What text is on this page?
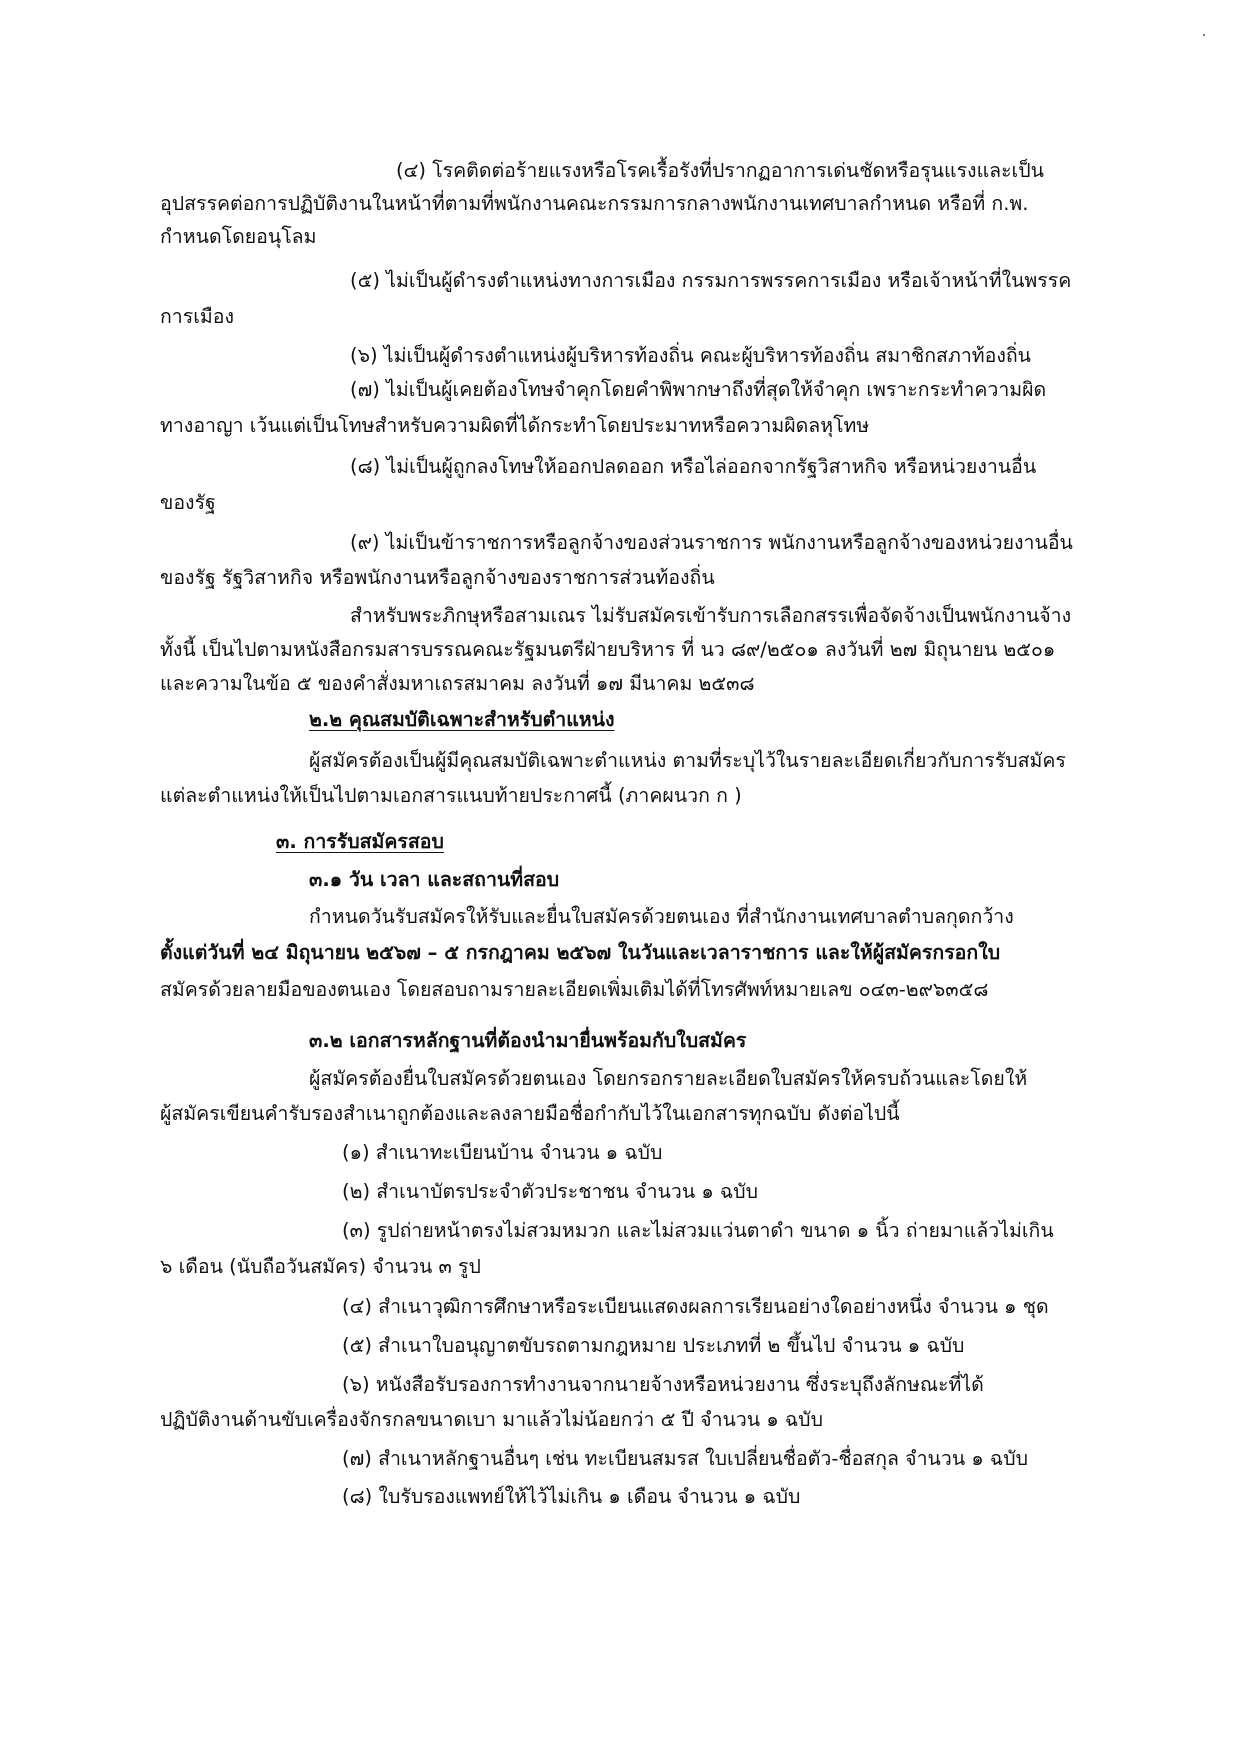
(๔) โรคติดต่อร้ายแรงหรือโรคเรื้อรังที่ปรากฏอาการเด่นชัดหรือรุนแรงและเป็น
อุปสรรคต่อการปฏิบัติงานในหน้าที่ตามที่พนักงานคณะกรรมการกลางพนักงานเทศบาลกำหนด หรือที่ ก.พ.
กำหนดโดยอนุโลม
(๕) ไม่เป็นผู้ดำรงตำแหน่งทางการเมือง กรรมการพรรคการเมือง หรือเจ้าหน้าที่ในพรรค
การเมือง
(๖) ไม่เป็นผู้ดำรงตำแหน่งผู้บริหารท้องถิ่น คณะผู้บริหารท้องถิ่น สมาชิกสภาท้องถิ่น
(๗) ไม่เป็นผู้เคยต้องโทษจำคุกโดยคำพิพากษาถึงที่สุดให้จำคุก เพราะกระทำความผิด
ทางอาญา เว้นแต่เป็นโทษสำหรับความผิดที่ได้กระทำโดยประมาทหรือความผิดลหุโทษ
(๘) ไม่เป็นผู้ถูกลงโทษให้ออกปลดออก หรือไล่ออกจากรัฐวิสาหกิจ หรือหน่วยงานอื่น
ของรัฐ
(๙) ไม่เป็นข้าราชการหรือลูกจ้างของส่วนราชการ พนักงานหรือลูกจ้างของหน่วยงานอื่น
ของรัฐ รัฐวิสาหกิจ หรือพนักงานหรือลูกจ้างของราชการส่วนท้องถิ่น
สำหรับพระภิกษุหรือสามเณร ไม่รับสมัครเข้ารับการเลือกสรรเพื่อจัดจ้างเป็นพนักงานจ้าง
ทั้งนี้ เป็นไปตามหนังสือกรมสารบรรณคณะรัฐมนตรีฝ่ายบริหาร ที่ นว ๘๙/๒๕๐๑ ลงวันที่ ๒๗ มิถุนายน ๒๕๐๑
และความในข้อ ๕ ของคำสั่งมหาเถรสมาคม ลงวันที่ ๑๗ มีนาคม ๒๕๓๘
๒.๒ คุณสมบัติเฉพาะสำหรับตำแหน่ง
ผู้สมัครต้องเป็นผู้มีคุณสมบัติเฉพาะตำแหน่ง ตามที่ระบุไว้ในรายละเอียดเกี่ยวกับการรับสมัคร
แต่ละตำแหน่งให้เป็นไปตามเอกสารแนบท้ายประกาศนี้ (ภาคผนวก ก )
๓. การรับสมัครสอบ
๓.๑ วัน เวลา และสถานที่สอบ
กำหนดวันรับสมัครให้รับและยื่นใบสมัครด้วยตนเอง ที่สำนักงานเทศบาลตำบลกุดกว้าง
ตั้งแต่วันที่ ๒๔ มิถุนายน ๒๕๖๗ – ๕ กรกฎาคม ๒๕๖๗ ในวันและเวลาราชการ และให้ผู้สมัครกรอกใบ
สมัครด้วยลายมือของตนเอง โดยสอบถามรายละเอียดเพิ่มเติมได้ที่โทรศัพท์หมายเลข ๐๔๓-๒๙๖๓๕๘
๓.๒ เอกสารหลักฐานที่ต้องนำมายื่นพร้อมกับใบสมัคร
ผู้สมัครต้องยื่นใบสมัครด้วยตนเอง โดยกรอกรายละเอียดใบสมัครให้ครบถ้วนและโดยให้
ผู้สมัครเขียนคำรับรองสำเนาถูกต้องและลงลายมือชื่อกำกับไว้ในเอกสารทุกฉบับ ดังต่อไปนี้
(๑) สำเนาทะเบียนบ้าน จำนวน ๑ ฉบับ
(๒) สำเนาบัตรประจำตัวประชาชน จำนวน ๑ ฉบับ
(๓) รูปถ่ายหน้าตรงไม่สวมหมวก และไม่สวมแว่นตาดำ ขนาด ๑ นิ้ว ถ่ายมาแล้วไม่เกิน
๖ เดือน (นับถือวันสมัคร) จำนวน ๓ รูป
(๔) สำเนาวุฒิการศึกษาหรือระเบียนแสดงผลการเรียนอย่างใดอย่างหนึ่ง จำนวน ๑ ชุด
(๕) สำเนาใบอนุญาตขับรถตามกฎหมาย ประเภทที่ ๒ ขึ้นไป จำนวน ๑ ฉบับ
(๖) หนังสือรับรองการทำงานจากนายจ้างหรือหน่วยงาน ซึ่งระบุถึงลักษณะที่ได้
ปฏิบัติงานด้านขับเครื่องจักรกลขนาดเบา มาแล้วไม่น้อยกว่า ๕ ปี จำนวน ๑ ฉบับ
(๗) สำเนาหลักฐานอื่นๆ เช่น ทะเบียนสมรส ใบเปลี่ยนชื่อตัว-ชื่อสกุล จำนวน ๑ ฉบับ
(๘) ใบรับรองแพทย์ให้ไว้ไม่เกิน ๑ เดือน จำนวน ๑ ฉบับ
